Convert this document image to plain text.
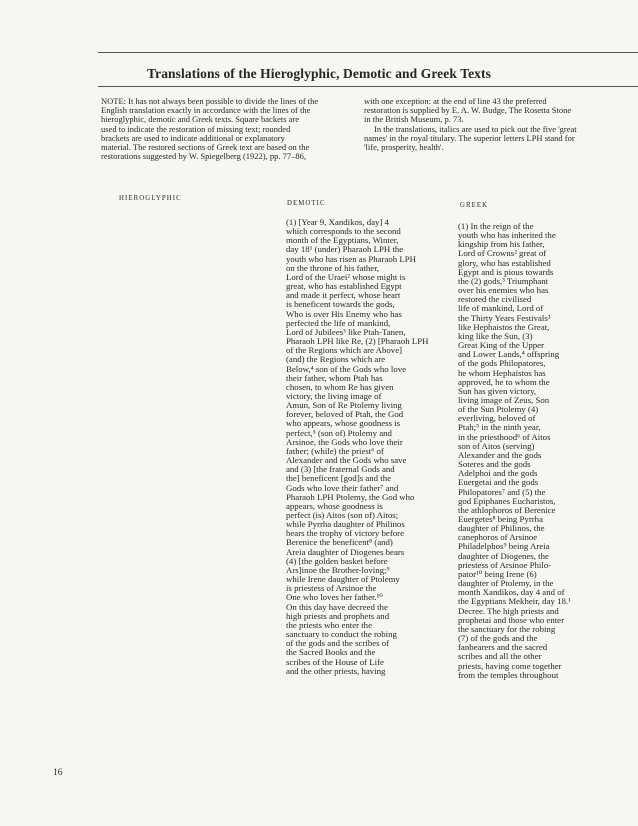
Translations of the Hieroglyphic, Demotic and Greek Texts
NOTE: It has not always been possible to divide the lines of the
English translation exactly in accordance with the lines of the
hieroglyphic, demotic and Greek texts. Square backets are
used to indicate the restoration of missing text; rounded
brackets are used to indicate additional or explanatory
material. The restored sections of Greek text are based on the
restorations suggested by W. Spiegelberg (1922), pp. 77–86,
with one exception: at the end of line 43 the preferred
restoration is supplied by E. A. W. Budge, The Rosetta Stone
in the British Museum, p. 73.
In the translations, italics are used to pick out the five 'great
names' in the royal titulary. The superior letters LPH stand for
'life, prosperity, health'.
HIEROGLYPHIC
DEMOTIC	GREEK
(1) [Year 9, Xandikos, day] 4
which corresponds to the second
month of the Egyptians, Winter,
day 18¹ (under) Pharaoh LPH the
youth who has risen as Pharaoh LPH
on the throne of his father,
Lord of the Uraei² whose might is
great, who has established Egypt
and made it perfect, whose heart
is beneficent towards the gods,
Who is over His Enemy who has
perfected the life of mankind,
Lord of Jubilees³ like Ptah-Tanen,
Pharaoh LPH like Re, (2) [Pharaoh LPH
of the Regions which are Above]
(and) the Regions which are
Below,⁴ son of the Gods who love
their father, whom Ptah has
chosen, to whom Re has given
victory, the living image of
Amun, Son of Re Ptolemy living
forever, beloved of Ptah, the God
who appears, whose goodness is
perfect,⁵ (son of) Ptolemy and
Arsinoe, the Gods who love their
father; (while) the priest⁶ of
Alexander and the Gods who save
and (3) [the fraternal Gods and
the] beneficent [god]s and the
Gods who love their father⁷ and
Pharaoh LPH Ptolemy, the God who
appears, whose goodness is
perfect (is) Aitos (son of) Aitos;
while Pyrrha daughter of Philinos
bears the trophy of victory before
Berenice the beneficent⁸ (and)
Areia daughter of Diogenes bears
(4) [the golden basket before
Ars]inoe the Brother-loving;⁹
while Irene daughter of Ptolemy
is priestess of Arsinoe the
One who loves her father.¹⁰
On this day have decreed the
high priests and prophets and
the priests who enter the
sanctuary to conduct the robing
of the gods and the scribes of
the Sacred Books and the
scribes of the House of Life
and the other priests, having
(1) In the reign of the
youth who has inherited the
kingship from his father,
Lord of Crowns² great of
glory, who has established
Egypt and is pious towards
the (2) gods,³ Triumphant
over his enemies who has
restored the civilised
life of mankind, Lord of
the Thirty Years Festivals³
like Hephaistos the Great,
king like the Sun, (3)
Great King of the Upper
and Lower Lands,⁴ offspring
of the gods Philopatores,
he whom Hephaistos has
approved, he to whom the
Sun has given victory,
living image of Zeus, Son
of the Sun Ptolemy (4)
everliving, beloved of
Ptah;⁵ in the ninth year,
in the priesthood⁶ of Aitos
son of Aitos (serving)
Alexander and the gods
Soteres and the gods
Adelphoi and the gods
Euergetai and the gods
Philopatores⁷ and (5) the
god Epiphanes Eucharistos,
the athlophoros of Berenice
Euergetes⁸ being Pyrrha
daughter of Philinos, the
canephoros of Arsinoe
Philadelphos⁹ being Areia
daughter of Diogenes, the
priestess of Arsinoe Philo-
pator¹⁰ being Irene (6)
daughter of Ptolemy, in the
month Xandikos, day 4 and of
the Egyptians Mekheir, day 18.¹
Decree. The high priests and
prophetai and those who enter
the sanctuary for the robing
(7) of the gods and the
fanbearers and the sacred
scribes and all the other
priests, having come together
from the temples throughout
16
